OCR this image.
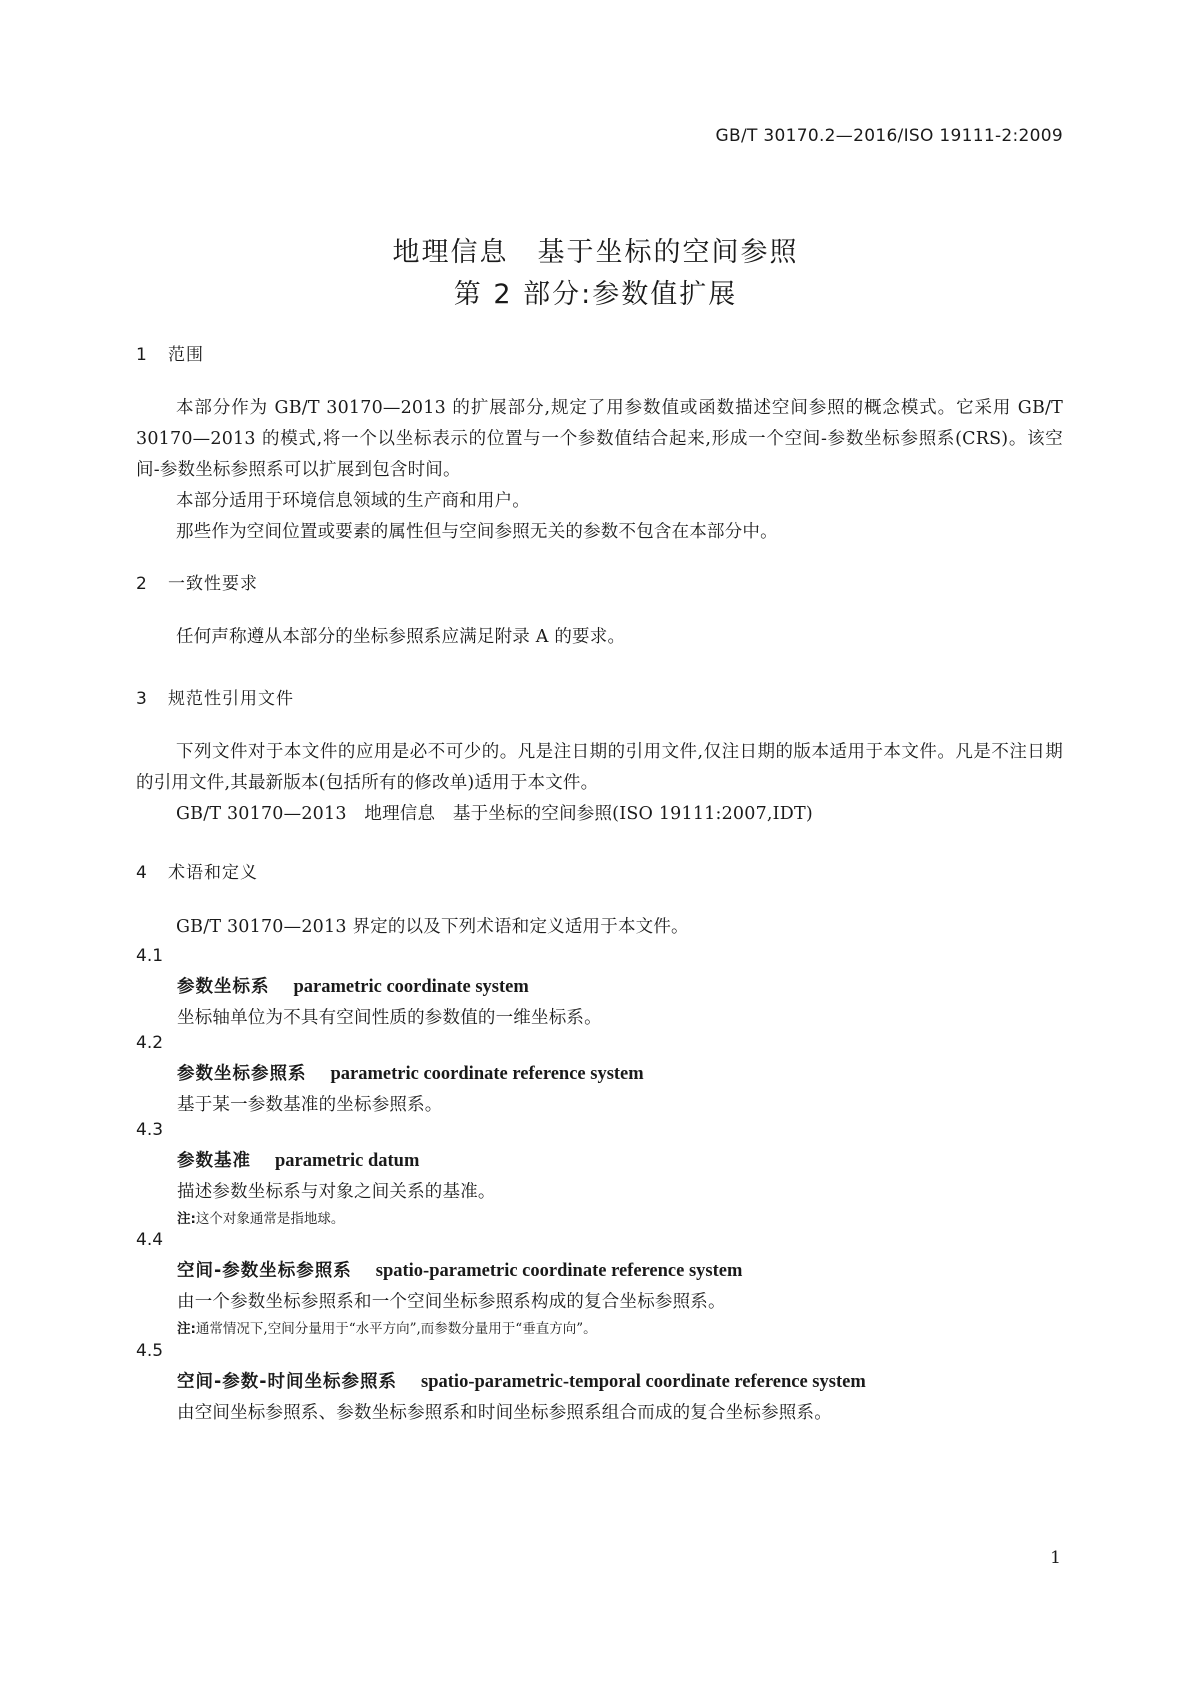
GB/T 30170.2—2016/ISO 19111-2:2009
地理信息　基于坐标的空间参照
第 2 部分:参数值扩展
1 范围
本部分作为 GB/T 30170—2013 的扩展部分,规定了用参数值或函数描述空间参照的概念模式。它采用 GB/T 30170—2013 的模式,将一个以坐标表示的位置与一个参数值结合起来,形成一个空间-参数坐标参照系(CRS)。该空间-参数坐标参照系可以扩展到包含时间。
本部分适用于环境信息领域的生产商和用户。
那些作为空间位置或要素的属性但与空间参照无关的参数不包含在本部分中。
2 一致性要求
任何声称遵从本部分的坐标参照系应满足附录 A 的要求。
3 规范性引用文件
下列文件对于本文件的应用是必不可少的。凡是注日期的引用文件,仅注日期的版本适用于本文件。凡是不注日期的引用文件,其最新版本(包括所有的修改单)适用于本文件。
GB/T 30170—2013　地理信息　基于坐标的空间参照(ISO 19111:2007,IDT)
4 术语和定义
GB/T 30170—2013 界定的以及下列术语和定义适用于本文件。
4.1
参数坐标系 parametric coordinate system
坐标轴单位为不具有空间性质的参数值的一维坐标系。
4.2
参数坐标参照系 parametric coordinate reference system
基于某一参数基准的坐标参照系。
4.3
参数基准 parametric datum
描述参数坐标系与对象之间关系的基准。
注:这个对象通常是指地球。
4.4
空间-参数坐标参照系 spatio-parametric coordinate reference system
由一个参数坐标参照系和一个空间坐标参照系构成的复合坐标参照系。
注:通常情况下,空间分量用于“水平方向”,而参数分量用于“垂直方向”。
4.5
空间-参数-时间坐标参照系 spatio-parametric-temporal coordinate reference system
由空间坐标参照系、参数坐标参照系和时间坐标参照系组合而成的复合坐标参照系。
1
